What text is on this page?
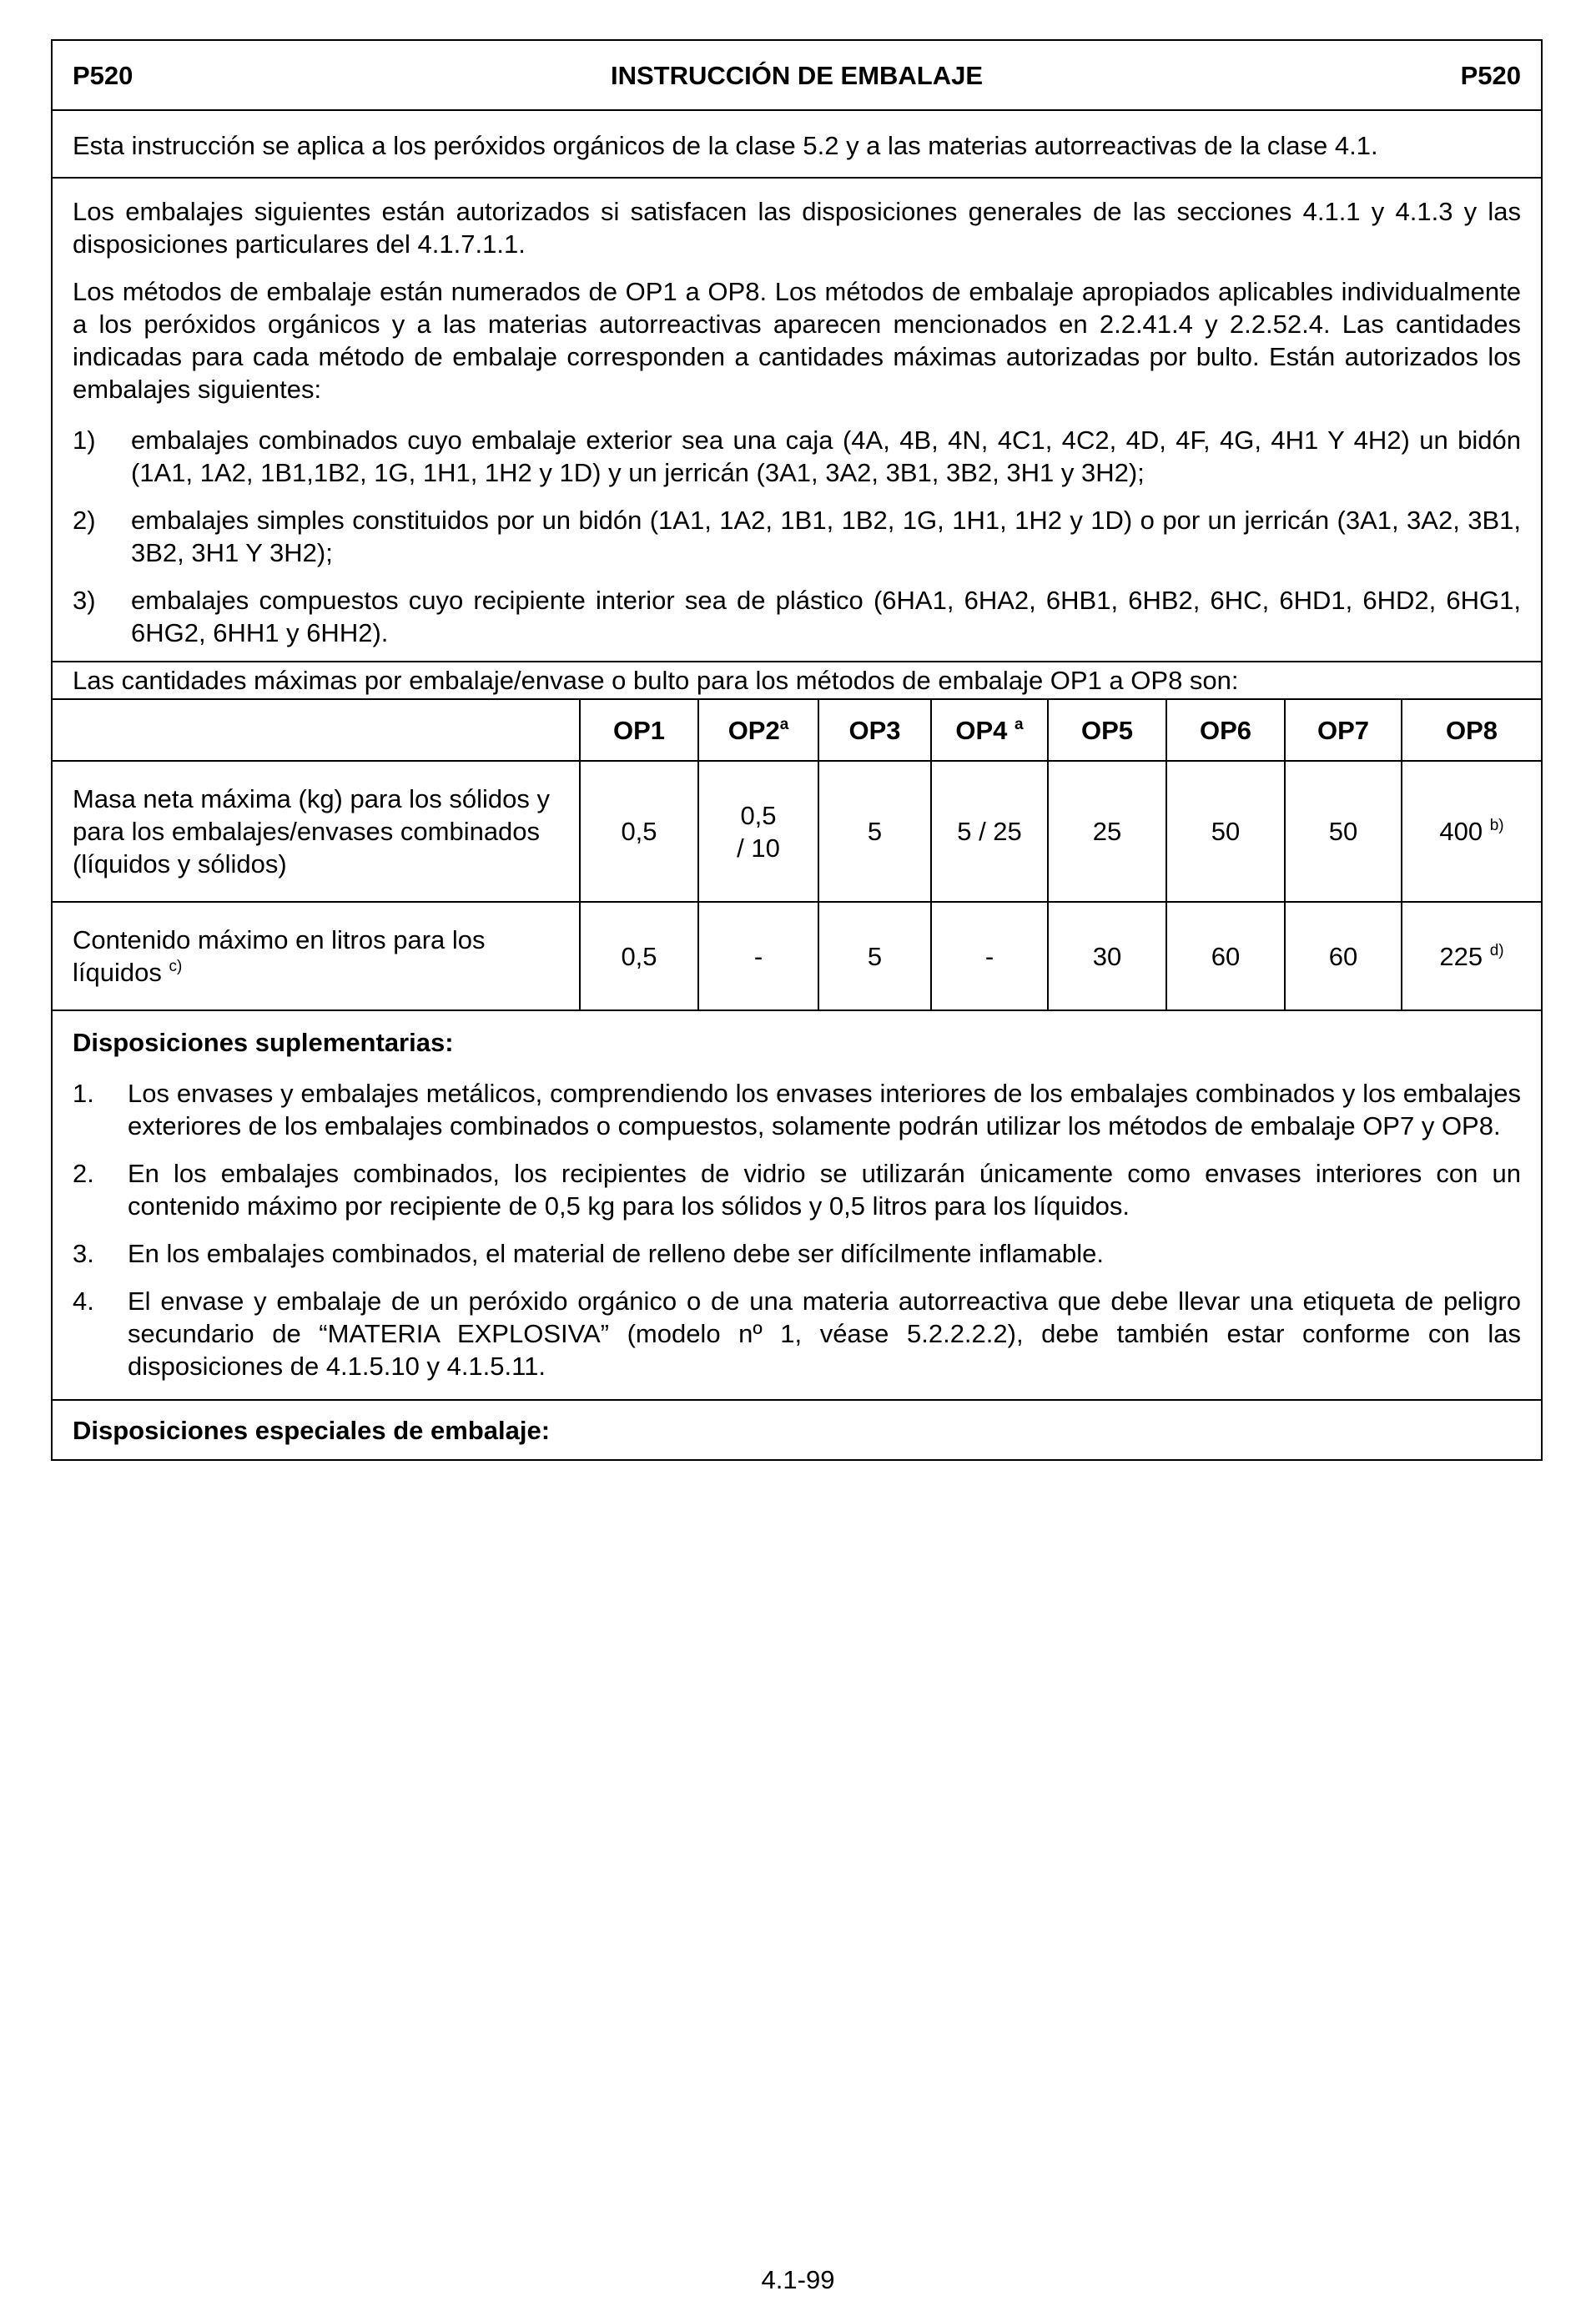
P520	INSTRUCCIÓN DE EMBALAJE	P520

Esta instrucción se aplica a los peróxidos orgánicos de la clase 5.2 y a las materias autorreactivas de la clase 4.1.

Los embalajes siguientes están autorizados si satisfacen las disposiciones generales de las secciones 4.1.1 y 4.1.3 y las disposiciones particulares del 4.1.7.1.1.

Los métodos de embalaje están numerados de OP1 a OP8. Los métodos de embalaje apropiados aplicables individualmente a los peróxidos orgánicos y a las materias autorreactivas aparecen mencionados en 2.2.41.4 y 2.2.52.4. Las cantidades indicadas para cada método de embalaje corresponden a cantidades máximas autorizadas por bulto. Están autorizados los embalajes siguientes:

1)	embalajes combinados cuyo embalaje exterior sea una caja (4A, 4B, 4N, 4C1, 4C2, 4D, 4F, 4G, 4H1 Y 4H2) un bidón (1A1, 1A2, 1B1,1B2, 1G, 1H1, 1H2 y 1D) y un jerricán (3A1, 3A2, 3B1, 3B2, 3H1 y 3H2);
2)	embalajes simples constituidos por un bidón (1A1, 1A2, 1B1, 1B2, 1G, 1H1, 1H2 y 1D) o por un jerricán (3A1, 3A2, 3B1, 3B2, 3H1 Y 3H2);
3)	embalajes compuestos cuyo recipiente interior sea de plástico (6HA1, 6HA2, 6HB1, 6HB2, 6HC, 6HD1, 6HD2, 6HG1, 6HG2, 6HH1 y 6HH2).
Las cantidades máximas por embalaje/envase o bulto para los métodos de embalaje OP1 a OP8 son:
	OP1	OP2$^a$	OP3	OP4 $^a$	OP5	OP6	OP7	OP8
Masa neta máxima (kg) para los sólidos y para los embalajes/envases combinados (líquidos y sólidos)	0,5	0,5 / 10	5	5 / 25	25	50	50	400 $^{b)}$
Contenido máximo en litros para los líquidos $^{c)}$	0,5	-	5	-	30	60	60	225 $^{d)}$

Disposiciones suplementarias:

1.	Los envases y embalajes metálicos, comprendiendo los envases interiores de los embalajes combinados y los embalajes exteriores de los embalajes combinados o compuestos, solamente podrán utilizar los métodos de embalaje OP7 y OP8.
2.	En los embalajes combinados, los recipientes de vidrio se utilizarán únicamente como envases interiores con un contenido máximo por recipiente de 0,5 kg para los sólidos y 0,5 litros para los líquidos.
3.	En los embalajes combinados, el material de relleno debe ser difícilmente inflamable.
4.	El envase y embalaje de un peróxido orgánico o de una materia autorreactiva que debe llevar una etiqueta de peligro secundario de “MATERIA EXPLOSIVA” (modelo nº 1, véase 5.2.2.2.2), debe también estar conforme con las disposiciones de 4.1.5.10 y 4.1.5.11.
Disposiciones especiales de embalaje:
4.1-99
